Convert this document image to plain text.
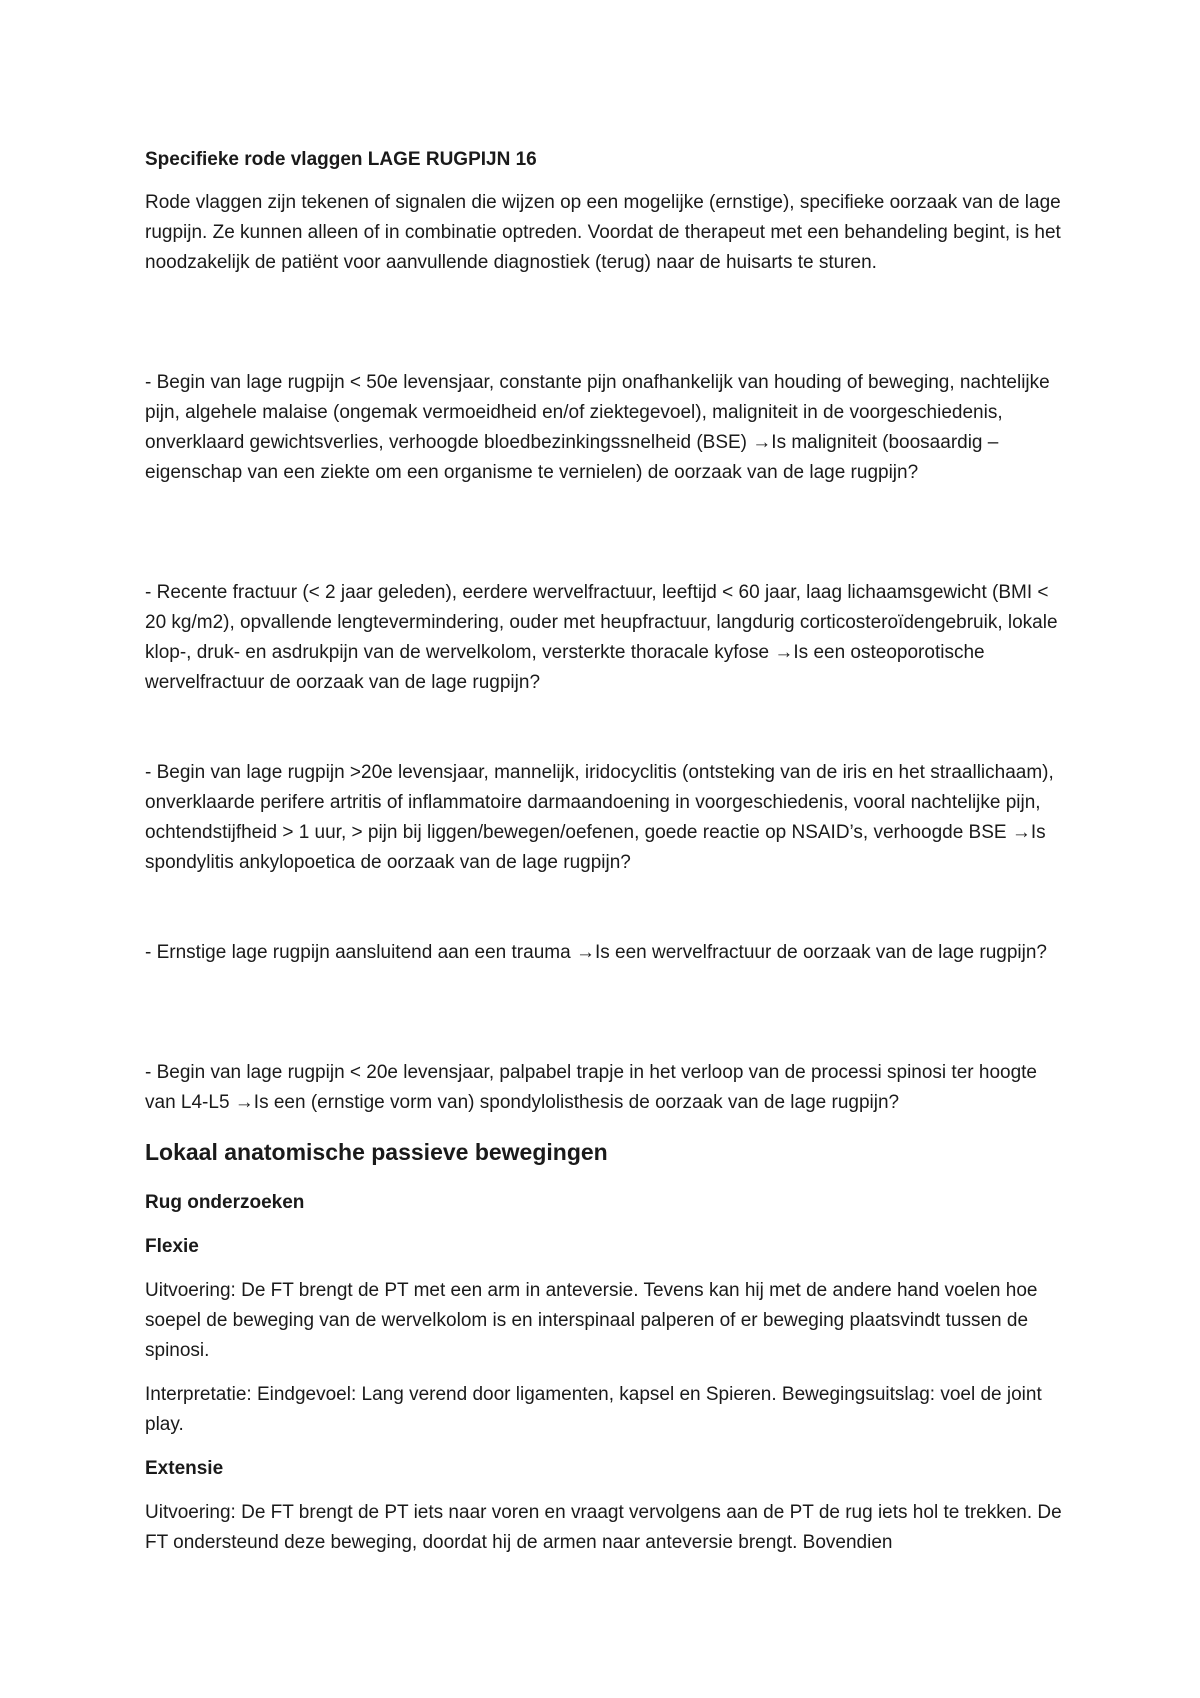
Specifieke rode vlaggen LAGE RUGPIJN 16

Rode vlaggen zijn tekenen of signalen die wijzen op een mogelijke (ernstige), specifieke oorzaak van de lage rugpijn. Ze kunnen alleen of in combinatie optreden. Voordat de therapeut met een behandeling begint, is het noodzakelijk de patiënt voor aanvullende diagnostiek (terug) naar de huisarts te sturen.

- Begin van lage rugpijn < 50e levensjaar, constante pijn onafhankelijk van houding of beweging, nachtelijke pijn, algehele malaise (ongemak vermoeidheid en/of ziektegevoel), maligniteit in de voorgeschiedenis, onverklaard gewichtsverlies, verhoogde bloedbezinkingssnelheid (BSE) →Is maligniteit (boosaardig – eigenschap van een ziekte om een organisme te vernielen) de oorzaak van de lage rugpijn?

- Recente fractuur (< 2 jaar geleden), eerdere wervelfractuur, leeftijd < 60 jaar, laag lichaamsgewicht (BMI < 20 kg/m2), opvallende lengtevermindering, ouder met heupfractuur, langdurig corticosteroïdengebruik, lokale klop-, druk- en asdrukpijn van de wervelkolom, versterkte thoracale kyfose →Is een osteoporotische wervelfractuur de oorzaak van de lage rugpijn?

- Begin van lage rugpijn >20e levensjaar, mannelijk, iridocyclitis (ontsteking van de iris en het straallichaam), onverklaarde perifere artritis of inflammatoire darmaandoening in voorgeschiedenis, vooral nachtelijke pijn, ochtendstijfheid > 1 uur, > pijn bij liggen/bewegen/oefenen, goede reactie op NSAID’s, verhoogde BSE →Is spondylitis ankylopoetica de oorzaak van de lage rugpijn?

- Ernstige lage rugpijn aansluitend aan een trauma →Is een wervelfractuur de oorzaak van de lage rugpijn?

- Begin van lage rugpijn < 20e levensjaar, palpabel trapje in het verloop van de processi spinosi ter hoogte van L4-L5 →Is een (ernstige vorm van) spondylolisthesis de oorzaak van de lage rugpijn?

Lokaal anatomische passieve bewegingen

Rug onderzoeken

Flexie

Uitvoering: De FT brengt de PT met een arm in anteversie. Tevens kan hij met de andere hand voelen hoe soepel de beweging van de wervelkolom is en interspinaal palperen of er beweging plaatsvindt tussen de spinosi.

Interpretatie: Eindgevoel: Lang verend door ligamenten, kapsel en Spieren. Bewegingsuitslag: voel de joint play.

Extensie

Uitvoering: De FT brengt de PT iets naar voren en vraagt vervolgens aan de PT de rug iets hol te trekken. De FT ondersteund deze beweging, doordat hij de armen naar anteversie brengt. Bovendien
